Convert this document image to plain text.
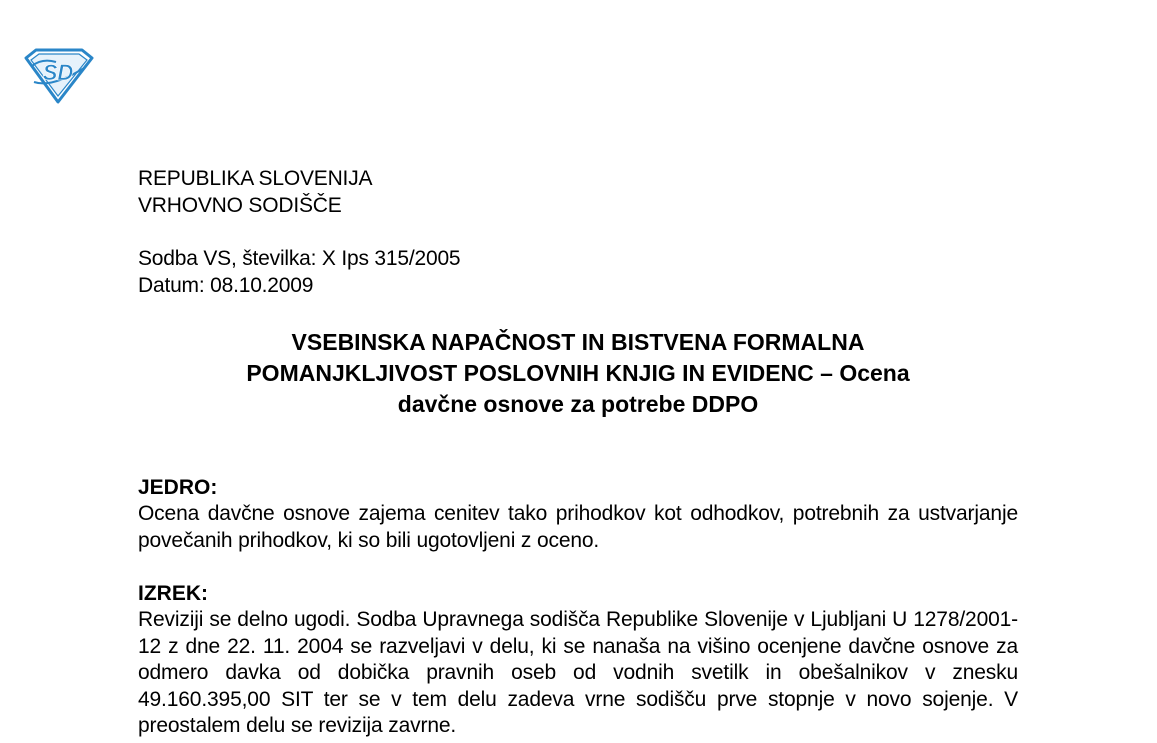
SD
REPUBLIKA SLOVENIJA
VRHOVNO SODIŠČE
Sodba VS, številka: X Ips 315/2005
Datum: 08.10.2009
VSEBINSKA NAPAČNOST IN BISTVENA FORMALNA
POMANJKLJIVOST POSLOVNIH KNJIG IN EVIDENC – Ocena
davčne osnove za potrebe DDPO
JEDRO:
Ocena davčne osnove zajema cenitev tako prihodkov kot odhodkov, potrebnih za ustvarjanje povečanih prihodkov, ki so bili ugotovljeni z oceno.
IZREK:
Reviziji se delno ugodi. Sodba Upravnega sodišča Republike Slovenije v Ljubljani U 1278/2001-12 z dne 22. 11. 2004 se razveljavi v delu, ki se nanaša na višino ocenjene davčne osnove za odmero davka od dobička pravnih oseb od vodnih svetilk in obešalnikov v znesku 49.160.395,00 SIT ter se v tem delu zadeva vrne sodišču prve stopnje v novo sojenje. V preostalem delu se revizija zavrne.
